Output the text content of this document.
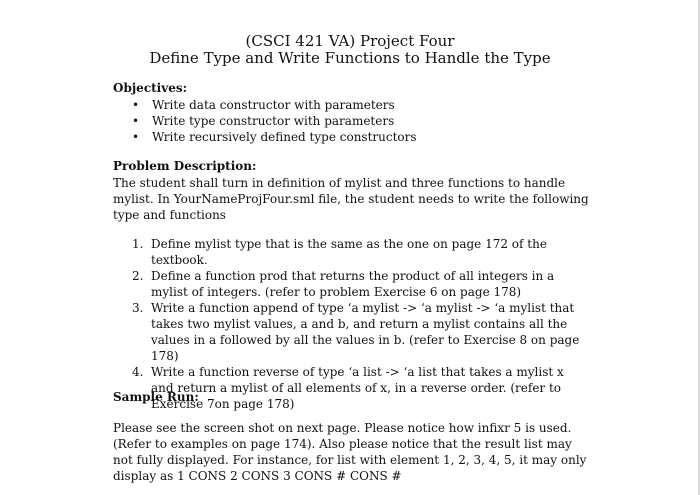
(CSCI 421 VA) Project Four
Define Type and Write Functions to Handle the Type
Objectives:
• Write data constructor with parameters
• Write type constructor with parameters
• Write recursively defined type constructors
Problem Description:
The student shall turn in definition of mylist and three functions to handle mylist. In YourNameProjFour.sml file, the student needs to write the following type and functions
1. Define mylist type that is the same as the one on page 172 of the textbook.
2. Define a function prod that returns the product of all integers in a mylist of integers. (refer to problem Exercise 6 on page 178)
3. Write a function append of type ‘a mylist -> ‘a mylist -> ‘a mylist that takes two mylist values, a and b, and return a mylist contains all the values in a followed by all the values in b. (refer to Exercise 8 on page 178)
4. Write a function reverse of type ‘a list -> ‘a list that takes a mylist x and return a mylist of all elements of x, in a reverse order. (refer to Exercise 7on page 178)
Sample Run:
Please see the screen shot on next page. Please notice how infixr 5 is used. (Refer to examples on page 174). Also please notice that the result list may not fully displayed. For instance, for list with element 1, 2, 3, 4, 5, it may only display as 1 CONS 2 CONS 3 CONS # CONS #
